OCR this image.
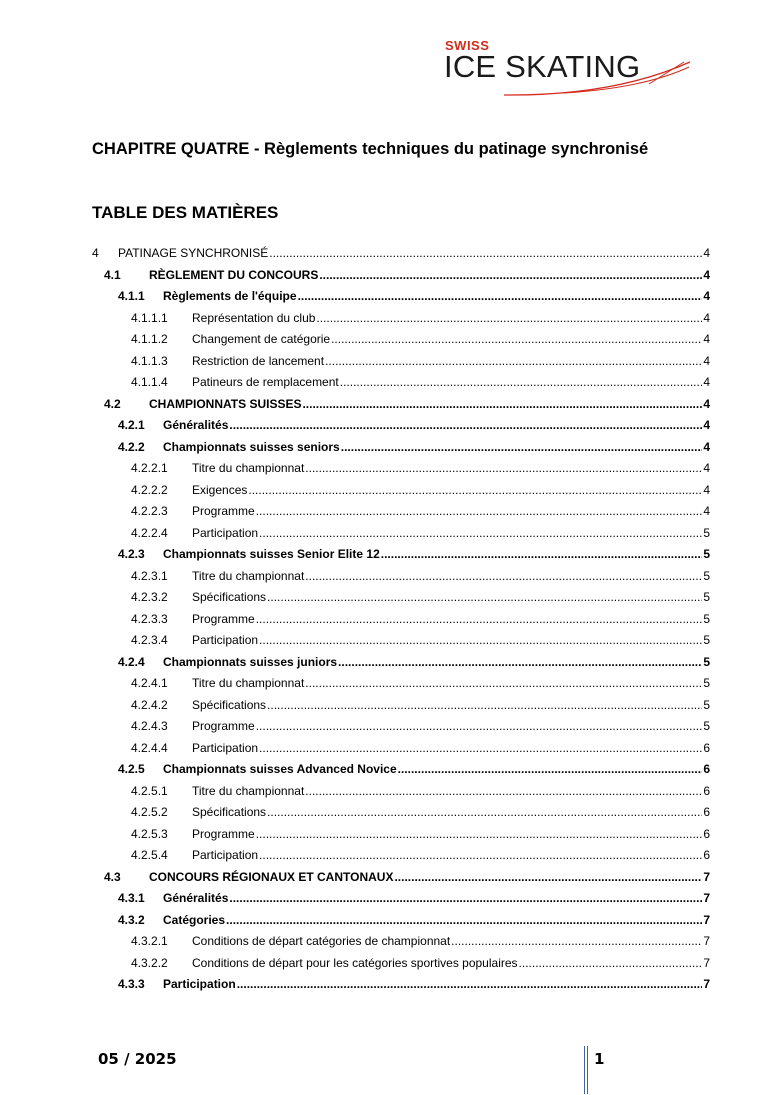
SWISS
ICE SKATING
CHAPITRE QUATRE - Règlements techniques du patinage synchronisé
TABLE DES MATIÈRES
4	PATINAGE SYNCHRONISÉ .....	4
4.1	RÈGLEMENT DU CONCOURS .....	4
4.1.1	Règlements de l'équipe .....	4
4.1.1.1	Représentation du club .....	4
4.1.1.2	Changement de catégorie .....	4
4.1.1.3	Restriction de lancement .....	4
4.1.1.4	Patineurs de remplacement .....	4
4.2	CHAMPIONNATS SUISSES .....	4
4.2.1	Généralités .....	4
4.2.2	Championnats suisses seniors .....	4
4.2.2.1	Titre du championnat .....	4
4.2.2.2	Exigences .....	4
4.2.2.3	Programme .....	4
4.2.2.4	Participation .....	5
4.2.3	Championnats suisses Senior Elite 12 .....	5
4.2.3.1	Titre du championnat .....	5
4.2.3.2	Spécifications .....	5
4.2.3.3	Programme .....	5
4.2.3.4	Participation .....	5
4.2.4	Championnats suisses juniors .....	5
4.2.4.1	Titre du championnat .....	5
4.2.4.2	Spécifications .....	5
4.2.4.3	Programme .....	5
4.2.4.4	Participation .....	6
4.2.5	Championnats suisses Advanced Novice .....	6
4.2.5.1	Titre du championnat .....	6
4.2.5.2	Spécifications .....	6
4.2.5.3	Programme .....	6
4.2.5.4	Participation .....	6
4.3	CONCOURS RÉGIONAUX ET CANTONAUX .....	7
4.3.1	Généralités .....	7
4.3.2	Catégories .....	7
4.3.2.1	Conditions de départ catégories de championnat .....	7
4.3.2.2	Conditions de départ pour les catégories sportives populaires .....	7
4.3.3	Participation .....	7
05 / 2025	1
